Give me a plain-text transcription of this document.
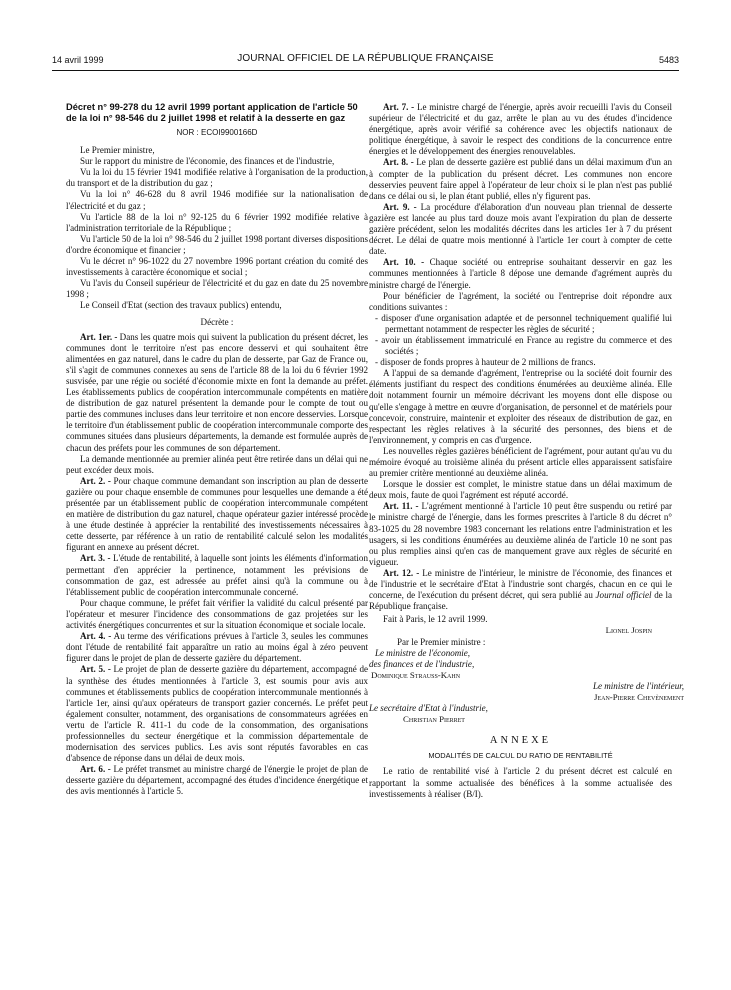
14 avril 1999	JOURNAL OFFICIEL DE LA RÉPUBLIQUE FRANÇAISE	5483

Décret n° 99-278 du 12 avril 1999 portant application de l'article 50 de la loi n° 98-546 du 2 juillet 1998 et relatif à la desserte en gaz

NOR : ECOI9900166D

Le Premier ministre,

Sur le rapport du ministre de l'économie, des finances et de l'industrie,

Vu la loi du 15 février 1941 modifiée relative à l'organisation de la production, du transport et de la distribution du gaz ;

Vu la loi n° 46-628 du 8 avril 1946 modifiée sur la nationalisation de l'électricité et du gaz ;

Vu l'article 88 de la loi n° 92-125 du 6 février 1992 modifiée relative à l'administration territoriale de la République ;

Vu l'article 50 de la loi n° 98-546 du 2 juillet 1998 portant diverses dispositions d'ordre économique et financier ;

Vu le décret n° 96-1022 du 27 novembre 1996 portant création du comité des investissements à caractère économique et social ;

Vu l'avis du Conseil supérieur de l'électricité et du gaz en date du 25 novembre 1998 ;

Le Conseil d'Etat (section des travaux publics) entendu,

Décrète :

Art. 1er. - Dans les quatre mois qui suivent la publication du présent décret, les communes dont le territoire n'est pas encore desservi et qui souhaitent être alimentées en gaz naturel, dans le cadre du plan de desserte, par Gaz de France ou, s'il s'agit de communes connexes au sens de l'article 88 de la loi du 6 février 1992 susvisée, par une régie ou société d'économie mixte en font la demande au préfet. Les établissements publics de coopération intercommunale compétents en matière de distribution de gaz naturel présentent la demande pour le compte de tout ou partie des communes incluses dans leur territoire et non encore desservies. Lorsque le territoire d'un établissement public de coopération intercommunale comporte des communes situées dans plusieurs départements, la demande est formulée auprès de chacun des préfets pour les communes de son département.

La demande mentionnée au premier alinéa peut être retirée dans un délai qui ne peut excéder deux mois.

Art. 2. - Pour chaque commune demandant son inscription au plan de desserte gazière ou pour chaque ensemble de communes pour lesquelles une demande a été présentée par un établissement public de coopération intercommunale compétent en matière de distribution du gaz naturel, chaque opérateur gazier intéressé procède à une étude destinée à apprécier la rentabilité des investissements nécessaires à cette desserte, par référence à un ratio de rentabilité calculé selon les modalités figurant en annexe au présent décret.

Art. 3. - L'étude de rentabilité, à laquelle sont joints les éléments d'information permettant d'en apprécier la pertinence, notamment les prévisions de consommation de gaz, est adressée au préfet ainsi qu'à la commune ou à l'établissement public de coopération intercommunale concerné.

Pour chaque commune, le préfet fait vérifier la validité du calcul présenté par l'opérateur et mesurer l'incidence des consommations de gaz projetées sur les activités énergétiques concurrentes et sur la situation économique et sociale locale.

Art. 4. - Au terme des vérifications prévues à l'article 3, seules les communes dont l'étude de rentabilité fait apparaître un ratio au moins égal à zéro peuvent figurer dans le projet de plan de desserte gazière du département.

Art. 5. - Le projet de plan de desserte gazière du département, accompagné de la synthèse des études mentionnées à l'article 3, est soumis pour avis aux communes et établissements publics de coopération intercommunale mentionnés à l'article 1er, ainsi qu'aux opérateurs de transport gazier concernés. Le préfet peut également consulter, notamment, des organisations de consommateurs agréées en vertu de l'article R. 411-1 du code de la consommation, des organisations professionnelles du secteur énergétique et la commission départementale de modernisation des services publics. Les avis sont réputés favorables en cas d'absence de réponse dans un délai de deux mois.

Art. 6. - Le préfet transmet au ministre chargé de l'énergie le projet de plan de desserte gazière du département, accompagné des études d'incidence énergétique et des avis mentionnés à l'article 5.

Art. 7. - Le ministre chargé de l'énergie, après avoir recueilli l'avis du Conseil supérieur de l'électricité et du gaz, arrête le plan au vu des études d'incidence énergétique, après avoir vérifié sa cohérence avec les objectifs nationaux de politique énergétique, à savoir le respect des conditions de la concurrence entre énergies et le développement des énergies renouvelables.

Art. 8. - Le plan de desserte gazière est publié dans un délai maximum d'un an à compter de la publication du présent décret. Les communes non encore desservies peuvent faire appel à l'opérateur de leur choix si le plan n'est pas publié dans ce délai ou si, le plan étant publié, elles n'y figurent pas.

Art. 9. - La procédure d'élaboration d'un nouveau plan triennal de desserte gazière est lancée au plus tard douze mois avant l'expiration du plan de desserte gazière précédent, selon les modalités décrites dans les articles 1er à 7 du présent décret. Le délai de quatre mois mentionné à l'article 1er court à compter de cette date.

Art. 10. - Chaque société ou entreprise souhaitant desservir en gaz les communes mentionnées à l'article 8 dépose une demande d'agrément auprès du ministre chargé de l'énergie.

Pour bénéficier de l'agrément, la société ou l'entreprise doit répondre aux conditions suivantes :

- disposer d'une organisation adaptée et de personnel techniquement qualifié lui permettant notamment de respecter les règles de sécurité ;
- avoir un établissement immatriculé en France au registre du commerce et des sociétés ;
- disposer de fonds propres à hauteur de 2 millions de francs.

A l'appui de sa demande d'agrément, l'entreprise ou la société doit fournir des éléments justifiant du respect des conditions énumérées au deuxième alinéa. Elle doit notamment fournir un mémoire décrivant les moyens dont elle dispose ou qu'elle s'engage à mettre en œuvre d'organisation, de personnel et de matériels pour concevoir, construire, maintenir et exploiter des réseaux de distribution de gaz, en respectant les règles relatives à la sécurité des personnes, des biens et de l'environnement, y compris en cas d'urgence.

Les nouvelles règles gazières bénéficient de l'agrément, pour autant qu'au vu du mémoire évoqué au troisième alinéa du présent article elles apparaissent satisfaire au premier critère mentionné au deuxième alinéa.

Lorsque le dossier est complet, le ministre statue dans un délai maximum de deux mois, faute de quoi l'agrément est réputé accordé.

Art. 11. - L'agrément mentionné à l'article 10 peut être suspendu ou retiré par le ministre chargé de l'énergie, dans les formes prescrites à l'article 8 du décret n° 83-1025 du 28 novembre 1983 concernant les relations entre l'administration et les usagers, si les conditions énumérées au deuxième alinéa de l'article 10 ne sont pas ou plus remplies ainsi qu'en cas de manquement grave aux règles de sécurité en vigueur.

Art. 12. - Le ministre de l'intérieur, le ministre de l'économie, des finances et de l'industrie et le secrétaire d'Etat à l'industrie sont chargés, chacun en ce qui le concerne, de l'exécution du présent décret, qui sera publié au Journal officiel de la République française.

Fait à Paris, le 12 avril 1999.

Lionel Jospin
Par le Premier ministre :
Le ministre de l'économie,
des finances et de l'industrie,
Dominique Strauss-Kahn
Le ministre de l'intérieur,
Jean-Pierre Chevènement
Le secrétaire d'Etat à l'industrie,
Christian Pierret

ANNEXE

MODALITÉS DE CALCUL DU RATIO DE RENTABILITÉ

Le ratio de rentabilité visé à l'article 2 du présent décret est calculé en rapportant la somme actualisée des bénéfices à la somme actualisée des investissements à réaliser (B/I).
